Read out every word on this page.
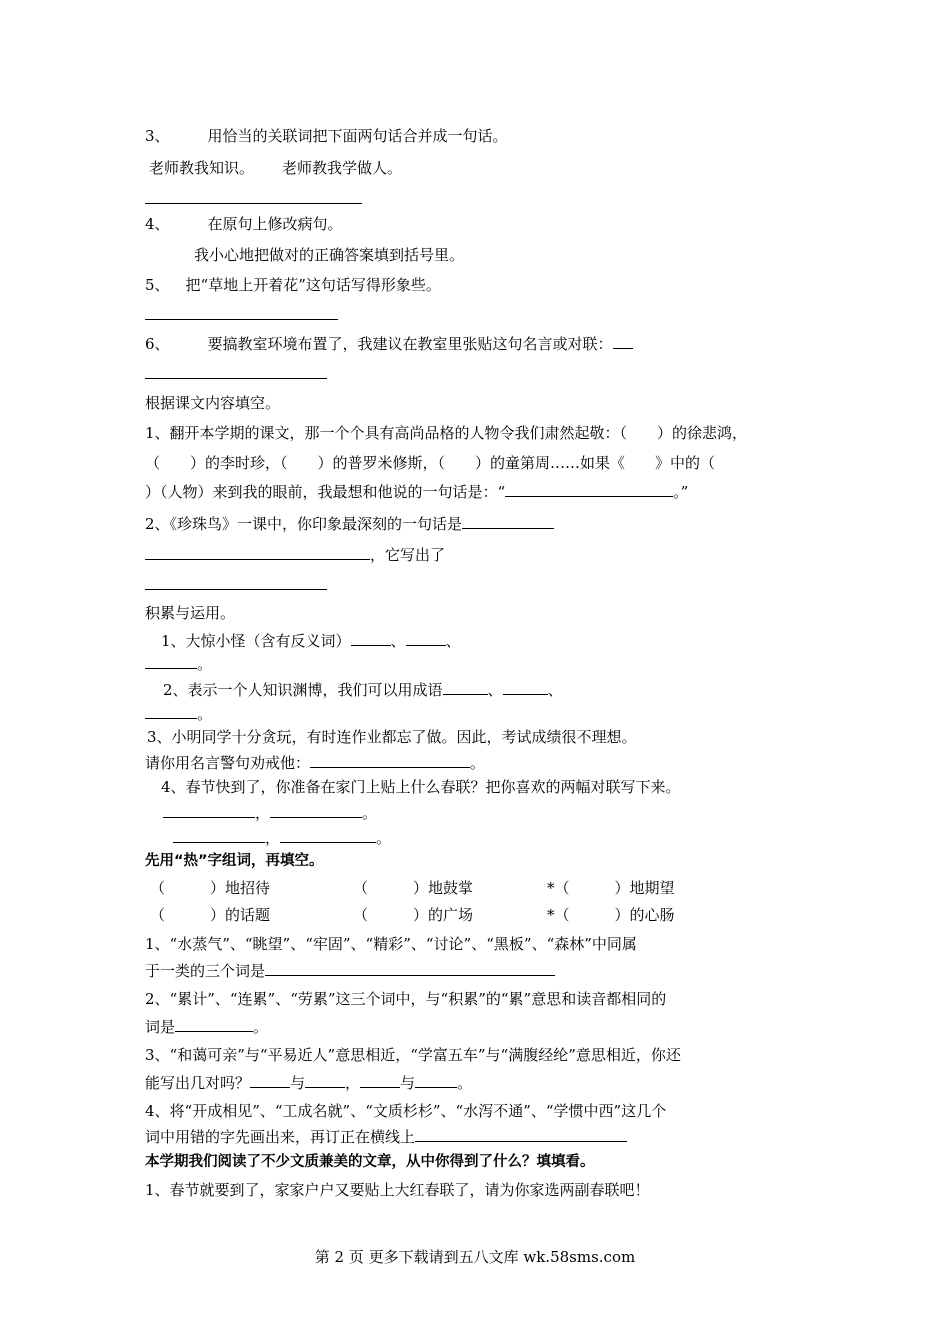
3、	用恰当的关联词把下面两句话合并成一句话。
老师教我知识。 老师教我学做人。
4、	在原句上修改病句。
我小心地把做对的正确答案填到括号里。
5、 把“草地上开着花”这句话写得形象些。
6、	要搞教室环境布置了，我建议在教室里张贴这句名言或对联：
根据课文内容填空。
1、翻开本学期的课文，那一个个具有高尚品格的人物令我们肃然起敬：（　　）的徐悲鸿，
（　　）的李时珍，（　　）的普罗米修斯，（　　）的童第周……如果《　　》中的（
）（人物）来到我的眼前，我最想和他说的一句话是：“	。”
2、《珍珠鸟》一课中，你印象最深刻的一句话是
，它写出了
积累与运用。
1、大惊小怪（含有反义词）	、	、
。
2、表示一个人知识渊博，我们可以用成语	、	、
。
3、小明同学十分贪玩，有时连作业都忘了做。因此，考试成绩很不理想。
请你用名言警句劝戒他：	。
4、春节快到了，你准备在家门上贴上什么春联？把你喜欢的两幅对联写下来。
，	。
，	。
先用“热”字组词，再填空。
（　　　）地招待	（　　　）地鼓掌	*（　　　）地期望
（　　　）的话题	（　　　）的广场	*（　　　）的心肠
1、“水蒸气”、“眺望”、“牢固”、“精彩”、“讨论”、“黑板”、“森林”中同属
于一类的三个词是
2、“累计”、“连累”、“劳累”这三个词中，与“积累”的“累”意思和读音都相同的
词是	。
3、“和蔼可亲”与“平易近人”意思相近，“学富五车”与“满腹经纶”意思相近，你还
能写出几对吗？	与	，	与	。
4、将“开成相见”、“工成名就”、“文质杉杉”、“水泻不通”、“学惯中西”这几个
词中用错的字先画出来，再订正在横线上
本学期我们阅读了不少文质兼美的文章，从中你得到了什么？填填看。
1、春节就要到了，家家户户又要贴上大红春联了，请为你家选两副春联吧！
第 2 页 更多下载请到五八文库 wk.58sms.com
